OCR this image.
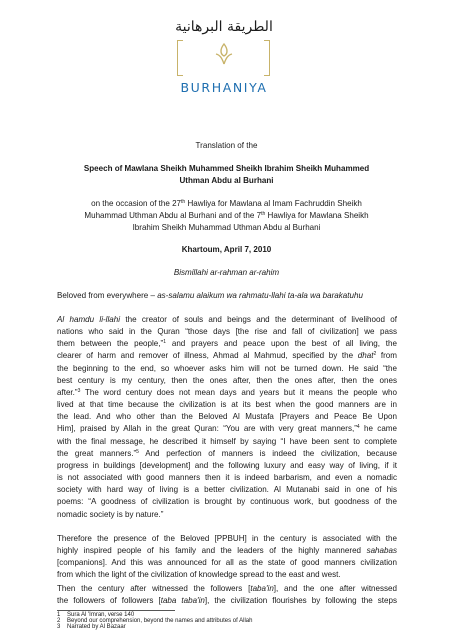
الطريقة البرهانية
BURHANIYA
Translation of the
Speech of Mawlana Sheikh Muhammed Sheikh Ibrahim Sheikh Muhammed
Uthman Abdu al Burhani
on the occasion of the 27th Hawliya for Mawlana al Imam Fachruddin Sheikh
Muhammad Uthman Abdu al Burhani and of the 7th Hawliya for Mawlana Sheikh
Ibrahim Sheikh Muhammad Uthman Abdu al Burhani
Khartoum, April 7, 2010
Bismillahi ar-rahman ar-rahim
Beloved from everywhere – as-salamu alaikum wa rahmatu-llahi ta-ala wa barakatuhu
Al hamdu li-llahi the creator of souls and beings and the determinant of livelihood of
nations who said in the Quran “those days [the rise and fall of civilization] we pass
them between the people,”$^1$ and prayers and peace upon the best of all living, the
clearer of harm and remover of illness, Ahmad al Mahmud, specified by the dhat$^2$ from
the beginning to the end, so whoever asks him will not be turned down. He said “the
best century is my century, then the ones after, then the ones after, then the ones
after.”$^3$ The word century does not mean days and years but it means the people who
lived at that time because the civilization is at its best when the good manners are in
the lead. And who other than the Beloved Al Mustafa [Prayers and Peace Be Upon
Him], praised by Allah in the great Quran: “You are with very great manners,”$^4$ he came
with the final message, he described it himself by saying “I have been sent to complete
the great manners.”$^5$ And perfection of manners is indeed the civilization, because
progress in buildings [development] and the following luxury and easy way of living, if it
is not associated with good manners then it is indeed barbarism, and even a nomadic
society with hard way of living is a better civilization. Al Mutanabi said in one of his
poems: “A goodness of civilization is brought by continuous work, but goodness of the
nomadic society is by nature.”
Therefore the presence of the Beloved [PPBUH] in the century is associated with the
highly inspired people of his family and the leaders of the highly mannered sahabas
[companions]. And this was announced for all as the state of good manners civilization
from which the light of the civilization of knowledge spread to the east and west.
Then the century after witnessed the followers [taba'in], and the one after witnessed
the followers of followers [taba taba'in], the civilization flourishes by following the steps
1 Sura Al 'Imran, verse 140
2 Beyond our comprehension, beyond the names and attributes of Allah
3 Narrated by Al Bazaar
